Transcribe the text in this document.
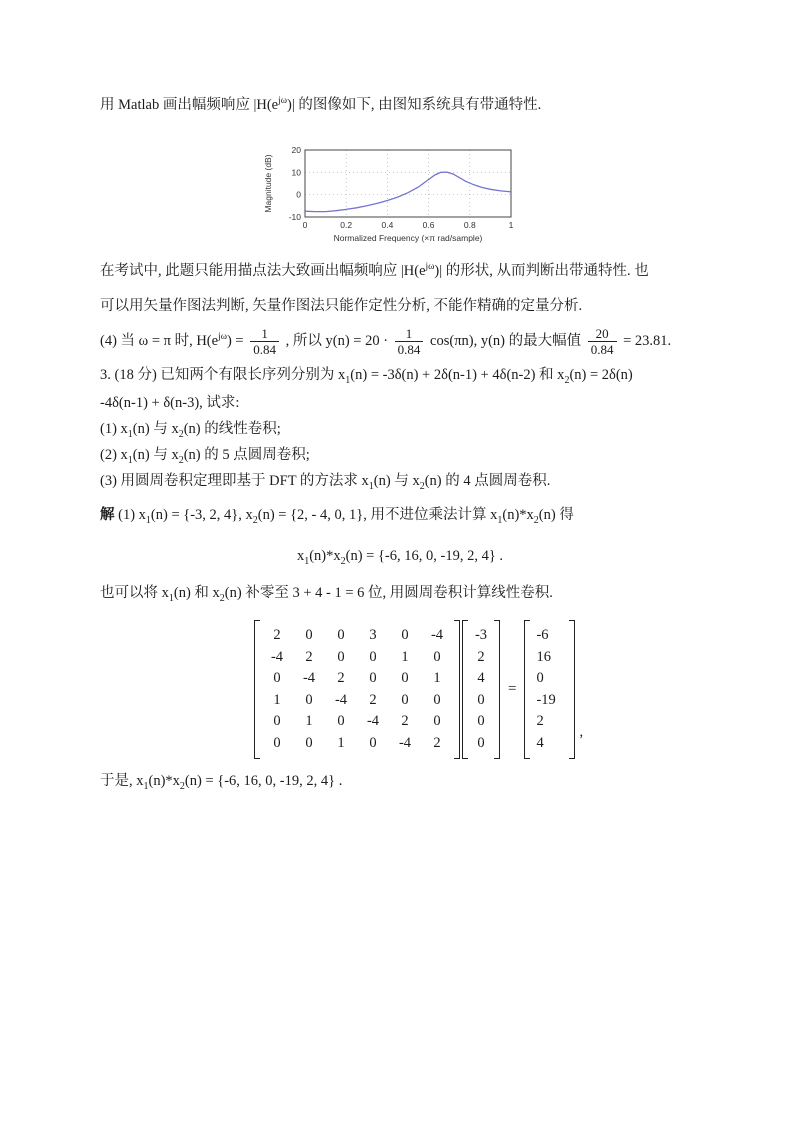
用 Matlab 画出幅频响应 $|H(e^{j\omega})|$ 的图像如下, 由图知系统具有带通特性.
-10
0
10
20
0	0.2	0.4	0.6	0.8	1
Normalized Frequency (×π rad/sample)
Magnitude (dB)
在考试中, 此题只能用描点法大致画出幅频响应 $|H(e^{j\omega})|$ 的形状, 从而判断出带通特性. 也
可以用矢量作图法判断, 矢量作图法只能作定性分析, 不能作精确的定量分析.
(4) 当 ω = π 时, $H(e^{j\omega}) = \frac{1}{0.84}$ , 所以 $y(n) = 20 \cdot \frac{1}{0.84} \cos(\pi n)$, y(n) 的最大幅值 $\frac{20}{0.84} = 23.81$.
3. (18 分) 已知两个有限长序列分别为 $x_1(n) = -3\delta(n) + 2\delta(n-1) + 4\delta(n-2)$ 和 $x_2(n) = 2\delta(n)$
-4δ(n-1) + δ(n-3), 试求:
(1) $x_1(n)$ 与 $x_2(n)$ 的线性卷积;
(2) $x_1(n)$ 与 $x_2(n)$ 的 5 点圆周卷积;
(3) 用圆周卷积定理即基于 DFT 的方法求 $x_1(n)$ 与 $x_2(n)$ 的 4 点圆周卷积.
解 (1) $x_1(n) = \{-3$, 2, 4}, $x_2(n) = \{2$, - 4, 0, 1}, 用不进位乘法计算 $x_1(n)*x_2(n)$ 得
$x_1(n)*x_2(n) = \{-6$, 16, 0, -19, 2, 4} .
也可以将 $x_1(n)$ 和 $x_2(n)$ 补零至 3 + 4 - 1 = 6 位, 用圆周卷积计算线性卷积.
2	0	0	3	0	-4
-4	2	0	0	1	0
0	-4	2	0	0	1
1	0	-4	2	0	0
0	1	0	-4	2	0
0	0	1	0	-4	2
-3
2
4
0
0
0
=
-6
16
0
-19
2
4
,
于是, $x_1(n)*x_2(n) = \{-6$, 16, 0, -19, 2, 4} .
